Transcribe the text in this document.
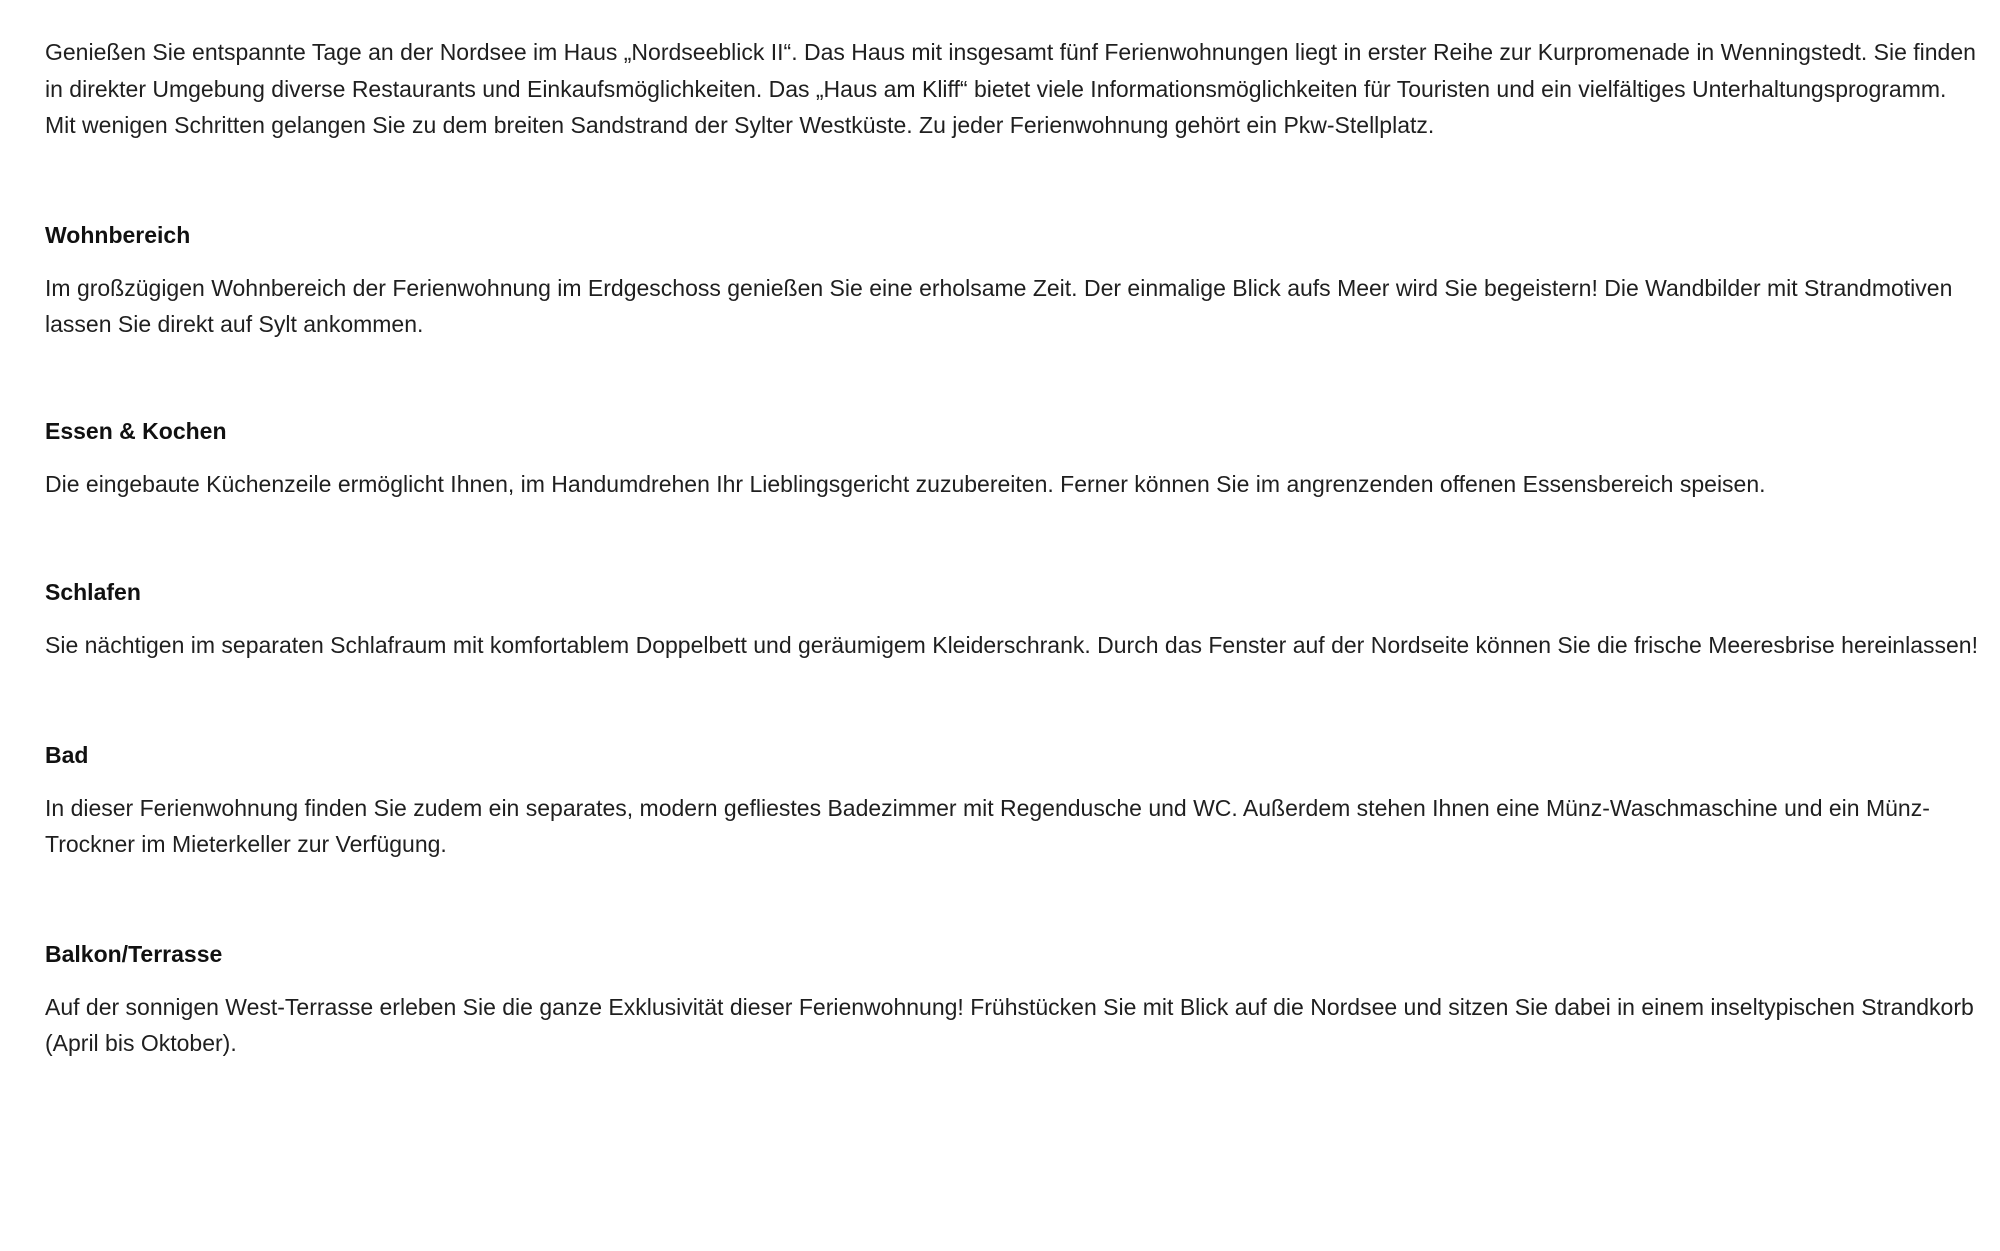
Genießen Sie entspannte Tage an der Nordsee im Haus „Nordseeblick II“. Das Haus mit insgesamt fünf Ferienwohnungen liegt in erster Reihe zur Kurpromenade in Wenningstedt. Sie finden in direkter Umgebung diverse Restaurants und Einkaufsmöglichkeiten. Das „Haus am Kliff“ bietet viele Informationsmöglichkeiten für Touristen und ein vielfältiges Unterhaltungsprogramm. Mit wenigen Schritten gelangen Sie zu dem breiten Sandstrand der Sylter Westküste. Zu jeder Ferienwohnung gehört ein Pkw-Stellplatz.

Wohnbereich

Im großzügigen Wohnbereich der Ferienwohnung im Erdgeschoss genießen Sie eine erholsame Zeit. Der einmalige Blick aufs Meer wird Sie begeistern! Die Wandbilder mit Strandmotiven lassen Sie direkt auf Sylt ankommen.

Essen & Kochen

Die eingebaute Küchenzeile ermöglicht Ihnen, im Handumdrehen Ihr Lieblingsgericht zuzubereiten. Ferner können Sie im angrenzenden offenen Essensbereich speisen.

Schlafen

Sie nächtigen im separaten Schlafraum mit komfortablem Doppelbett und geräumigem Kleiderschrank. Durch das Fenster auf der Nordseite können Sie die frische Meeresbrise hereinlassen!

Bad

In dieser Ferienwohnung finden Sie zudem ein separates, modern gefliestes Badezimmer mit Regendusche und WC. Außerdem stehen Ihnen eine Münz-Waschmaschine und ein Münz-Trockner im Mieterkeller zur Verfügung.

Balkon/Terrasse

Auf der sonnigen West-Terrasse erleben Sie die ganze Exklusivität dieser Ferienwohnung! Frühstücken Sie mit Blick auf die Nordsee und sitzen Sie dabei in einem inseltypischen Strandkorb (April bis Oktober).
